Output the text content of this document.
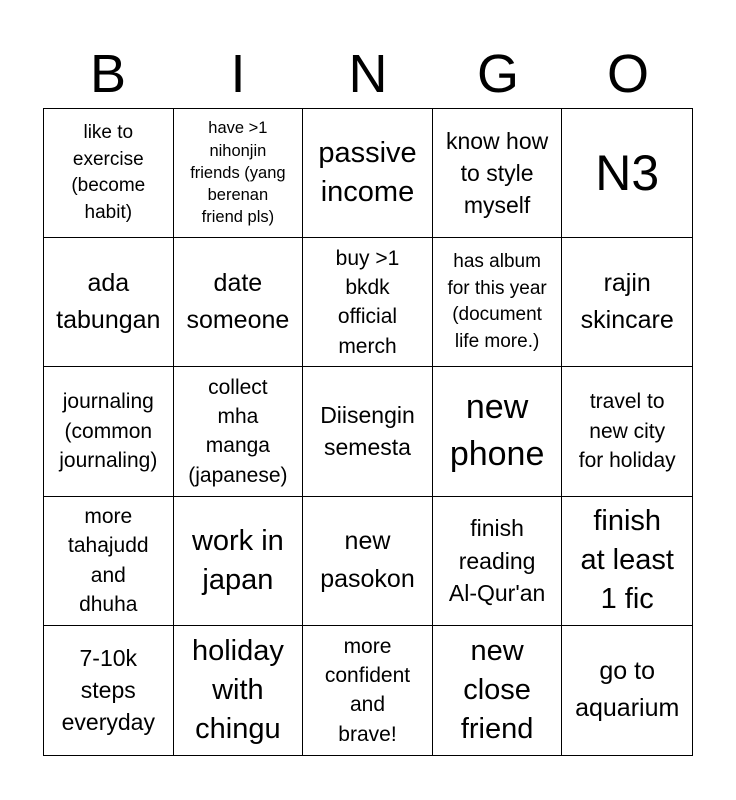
B	I	N	G	O
like to
exercise
(become
habit)
have >1
nihonjin
friends (yang
berenan
friend pls)
passive
income
know how
to style
myself
N3
ada
tabungan
date
someone
buy >1
bkdk
official
merch
has album
for this year
(document
life more.)
rajin
skincare
journaling
(common
journaling)
collect
mha
manga
(japanese)
Diisengin
semesta
new
phone
travel to
new city
for holiday
more
tahajudd
and
dhuha
work in
japan
new
pasokon
finish
reading
Al-Qur'an
finish
at least
1 fic
7-10k
steps
everyday
holiday
with
chingu
more
confident
and
brave!
new
close
friend
go to
aquarium
